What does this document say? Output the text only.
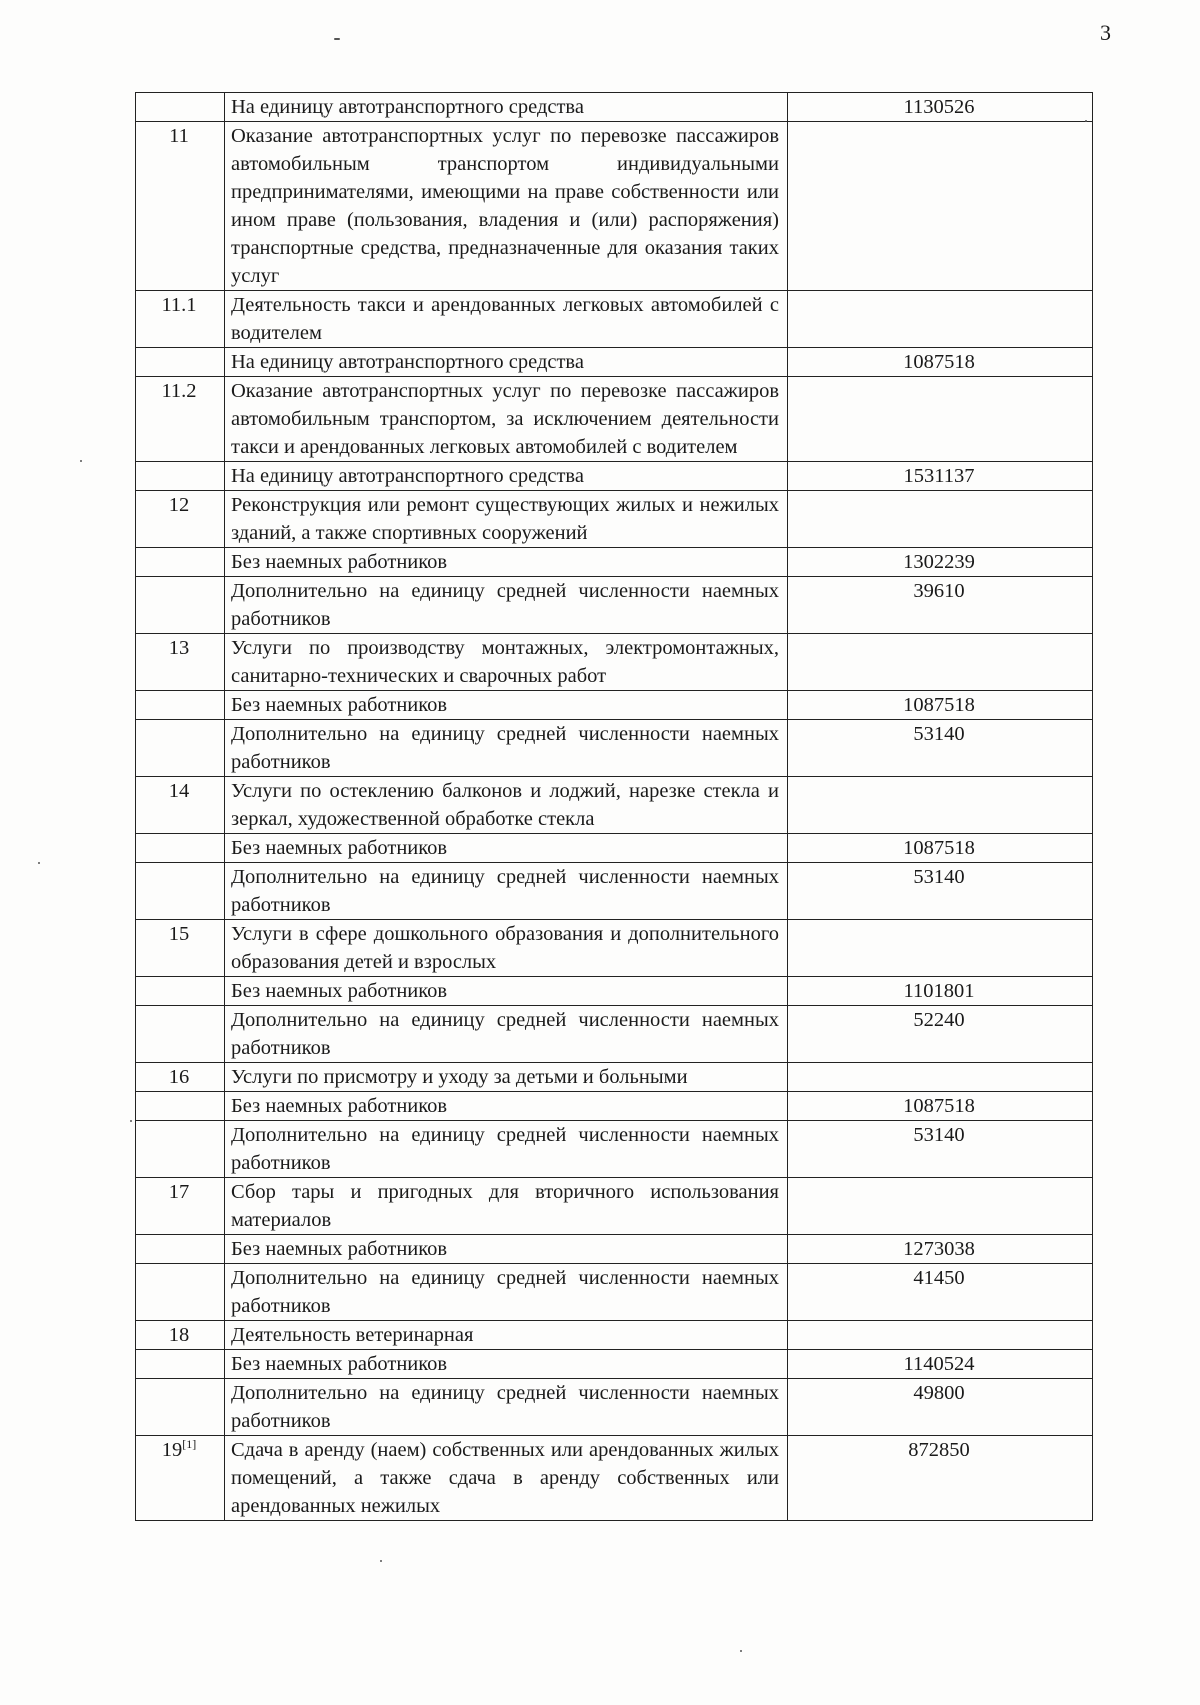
3
	На единицу автотранспортного средства	1130526
11	Оказание автотранспортных услуг по перевозке пассажиров автомобильным транспортом индивидуальными предпринимателями, имеющими на праве собственности или ином праве (пользования, владения и (или) распоряжения) транспортные средства, предназначенные для оказания таких услуг	
11.1	Деятельность такси и арендованных легковых автомобилей с водителем	
	На единицу автотранспортного средства	1087518
11.2	Оказание автотранспортных услуг по перевозке пассажиров автомобильным транспортом, за исключением деятельности такси и арендованных легковых автомобилей с водителем	
	На единицу автотранспортного средства	1531137
12	Реконструкция или ремонт существующих жилых и нежилых зданий, а также спортивных сооружений	
	Без наемных работников	1302239
	Дополнительно на единицу средней численности наемных работников	39610
13	Услуги по производству монтажных, электромонтажных, санитарно-технических и сварочных работ	
	Без наемных работников	1087518
	Дополнительно на единицу средней численности наемных работников	53140
14	Услуги по остеклению балконов и лоджий, нарезке стекла и зеркал, художественной обработке стекла	
	Без наемных работников	1087518
	Дополнительно на единицу средней численности наемных работников	53140
15	Услуги в сфере дошкольного образования и дополнительного образования детей и взрослых	
	Без наемных работников	1101801
	Дополнительно на единицу средней численности наемных работников	52240
16	Услуги по присмотру и уходу за детьми и больными	
	Без наемных работников	1087518
	Дополнительно на единицу средней численности наемных работников	53140
17	Сбор тары и пригодных для вторичного использования материалов	
	Без наемных работников	1273038
	Дополнительно на единицу средней численности наемных работников	41450
18	Деятельность ветеринарная	
	Без наемных работников	1140524
	Дополнительно на единицу средней численности наемных работников	49800
19[1]	Сдача в аренду (наем) собственных или арендованных жилых помещений, а также сдача в аренду собственных или арендованных нежилых	872850
